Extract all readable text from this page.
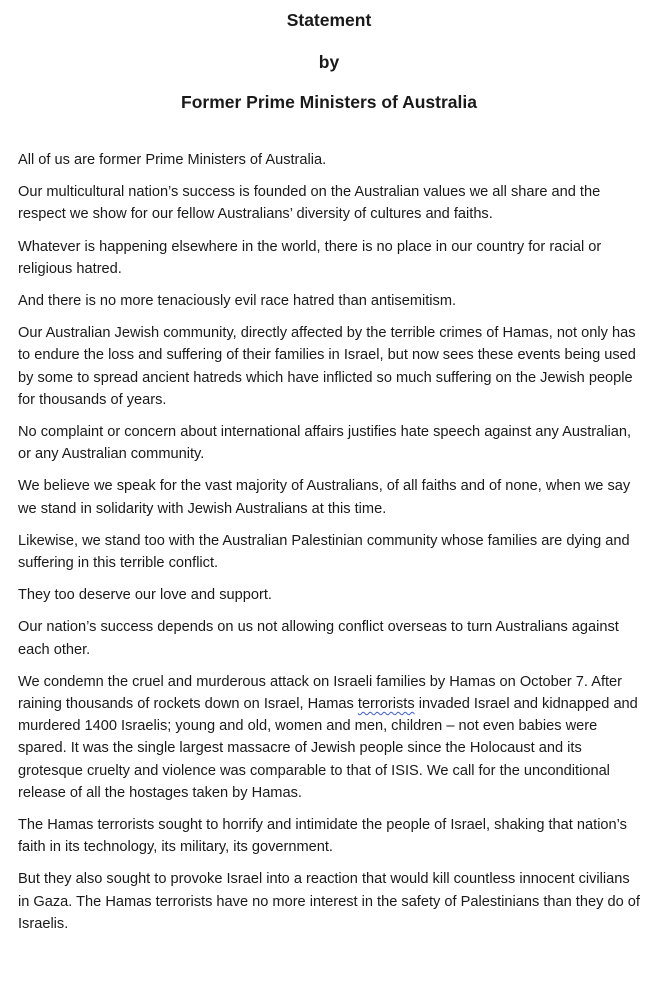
Statement

by

Former Prime Ministers of Australia

All of us are former Prime Ministers of Australia.

Our multicultural nation’s success is founded on the Australian values we all share and the respect we show for our fellow Australians’ diversity of cultures and faiths.

Whatever is happening elsewhere in the world, there is no place in our country for racial or religious hatred.

And there is no more tenaciously evil race hatred than antisemitism.

Our Australian Jewish community, directly affected by the terrible crimes of Hamas, not only has to endure the loss and suffering of their families in Israel, but now sees these events being used by some to spread ancient hatreds which have inflicted so much suffering on the Jewish people for thousands of years.

No complaint or concern about international affairs justifies hate speech against any Australian, or any Australian community.

We believe we speak for the vast majority of Australians, of all faiths and of none, when we say we stand in solidarity with Jewish Australians at this time.

Likewise, we stand too with the Australian Palestinian community whose families are dying and suffering in this terrible conflict.

They too deserve our love and support.

Our nation’s success depends on us not allowing conflict overseas to turn Australians against each other.

We condemn the cruel and murderous attack on Israeli families by Hamas on October 7. After raining thousands of rockets down on Israel, Hamas terrorists invaded Israel and kidnapped and murdered 1400 Israelis; young and old, women and men, children – not even babies were spared. It was the single largest massacre of Jewish people since the Holocaust and its grotesque cruelty and violence was comparable to that of ISIS. We call for the unconditional release of all the hostages taken by Hamas.

The Hamas terrorists sought to horrify and intimidate the people of Israel, shaking that nation’s faith in its technology, its military, its government.

But they also sought to provoke Israel into a reaction that would kill countless innocent civilians in Gaza. The Hamas terrorists have no more interest in the safety of Palestinians than they do of Israelis.
